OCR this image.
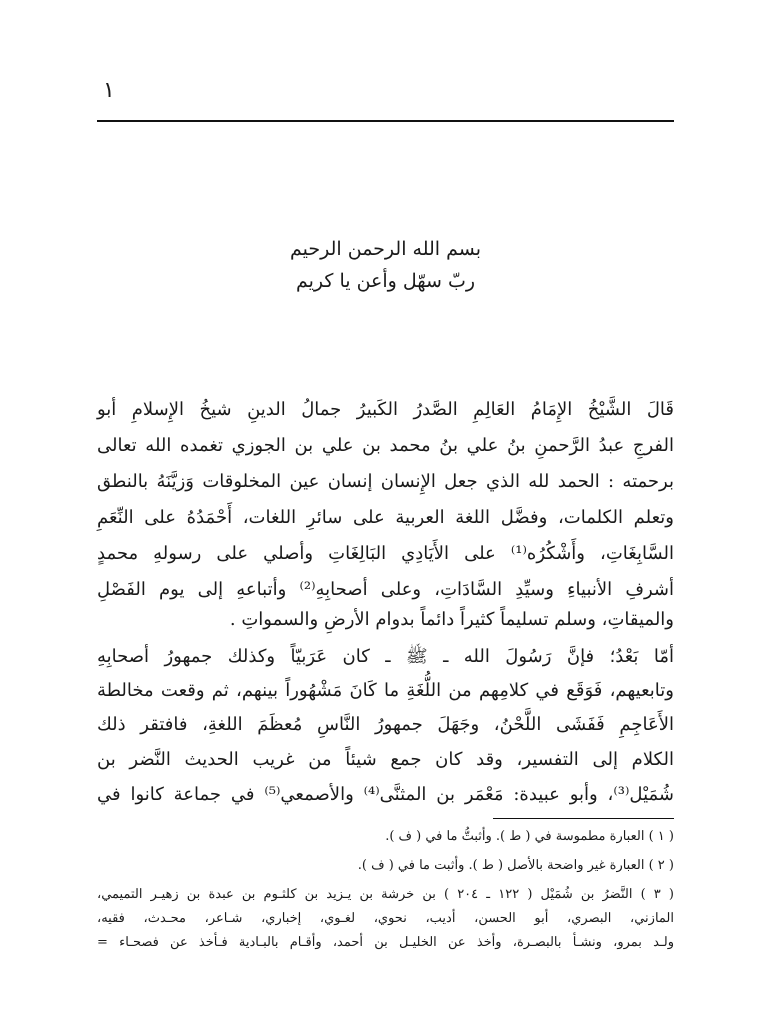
١
بسم الله الرحمن الرحيم
ربّ سهّل وأعن يا كريم
قَالَ الشَّيْخُ الإِمَامُ العَالِمِ الصَّدرُ الكَبيرُ جمالُ الدينِ شيخُ الإِسلامِ أبو
الفرجِ عبدُ الرَّحمنِ بنُ علي بنُ محمد بن علي بن الجوزي تغمده الله تعالى
برحمته : الحمد لله الذي جعل الإِنسان إنسان عين المخلوقات وَزيَّنَهُ بالنطق
وتعلم الكلمات، وفضَّل اللغة العربية على سائرِ اللغات، أَحْمَدُهُ على النِّعَمِ
السَّابِغَاتِ، وأَشْكُرُه⁽¹⁾ على الأَيَادِي البَالِغَاتِ وأصلي على رسولهِ محمدٍ
أشرفِ الأنبياءِ وسيِّدِ السَّادَاتِ، وعلى أصحابِهِ⁽²⁾ وأتباعهِ إلى يوم الفَصْلِ
والميقاتِ، وسلم تسليماً كثيراً دائماً بدوام الأرضِ والسمواتِ .
أمّا بَعْدُ؛ فإنَّ رَسُولَ الله ـ ﷺ ـ كان عَرَبيّاً وكذلك جمهورُ أصحابِهِ
وتابعيهم، فَوَقَع في كلامِهم من اللُّغَةِ ما كَانَ مَشْهُوراً بينهم، ثم وقعت مخالطة
الأَعَاجِمِ فَفَشَى اللَّحْنُ، وجَهَلَ جمهورُ النَّاسِ مُعظَمَ اللغةِ، فافتقر ذلك
الكلام إلى التفسير، وقد كان جمع شيئاً من غريب الحديث النَّضر بن
شُمَيْل⁽³⁾، وأبو عبيدة: مَعْمَر بن المثنَّى⁽⁴⁾ والأصمعي⁽⁵⁾ في جماعة كانوا في
( ١ ) العبارة مطموسة في ( ط ). وأثبتُّ ما في ( ف ).
( ٢ ) العبارة غير واضحة بالأصل ( ط ). وأثبت ما في ( ف ).
( ٣ ) النَّضرُ بن شُمَيْل ( ١٢٢ ـ ٢٠٤ ) بن خرشة بن يـزيد بن كلثـوم بن عبدة بن زهيـر التميمي،
المازني، البصري، أبو الحسن، أديب، نحوي، لغـوي، إخباري، شـاعر، محـدث، فقيه،
ولـد بمرو، ونشـأ بالبصـرة، وأخذ عن الخليـل بن أحمد، وأقـام بالبـادية فـأخذ عن فصحـاء =
